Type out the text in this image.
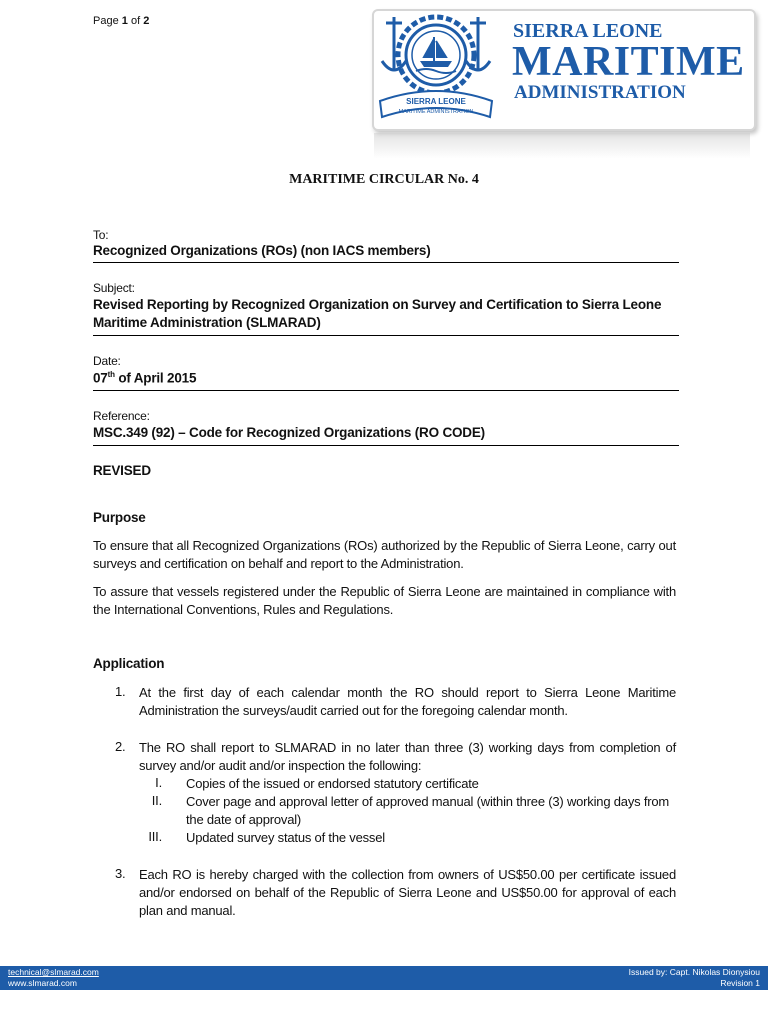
Page 1 of 2
SIERRA LEONE
MARITIME ADMINISTRATION
SIERRA LEONE
MARITIME
ADMINISTRATION
MARITIME CIRCULAR No. 4
To:
Recognized Organizations (ROs) (non IACS members)
Subject:
Revised Reporting by Recognized Organization on Survey and Certification to Sierra Leone
Maritime Administration (SLMARAD)
Date:
07th of April 2015
Reference:
MSC.349 (92) – Code for Recognized Organizations (RO CODE)
REVISED
Purpose
To ensure that all Recognized Organizations (ROs) authorized by the Republic of Sierra Leone, carry out surveys and certification on behalf and report to the Administration.
To assure that vessels registered under the Republic of Sierra Leone are maintained in compliance with the International Conventions, Rules and Regulations.
Application
1. At the first day of each calendar month the RO should report to Sierra Leone Maritime Administration the surveys/audit carried out for the foregoing calendar month.
2. The RO shall report to SLMARAD in no later than three (3) working days from completion of survey and/or audit and/or inspection the following:
I. Copies of the issued or endorsed statutory certificate
II. Cover page and approval letter of approved manual (within three (3) working days from the date of approval)
III. Updated survey status of the vessel
3. Each RO is hereby charged with the collection from owners of US$50.00 per certificate issued and/or endorsed on behalf of the Republic of Sierra Leone and US$50.00 for approval of each plan and manual.
technical@slmarad.com
www.slmarad.com
Issued by: Capt. Nikolas Dionysiou
Revision 1
